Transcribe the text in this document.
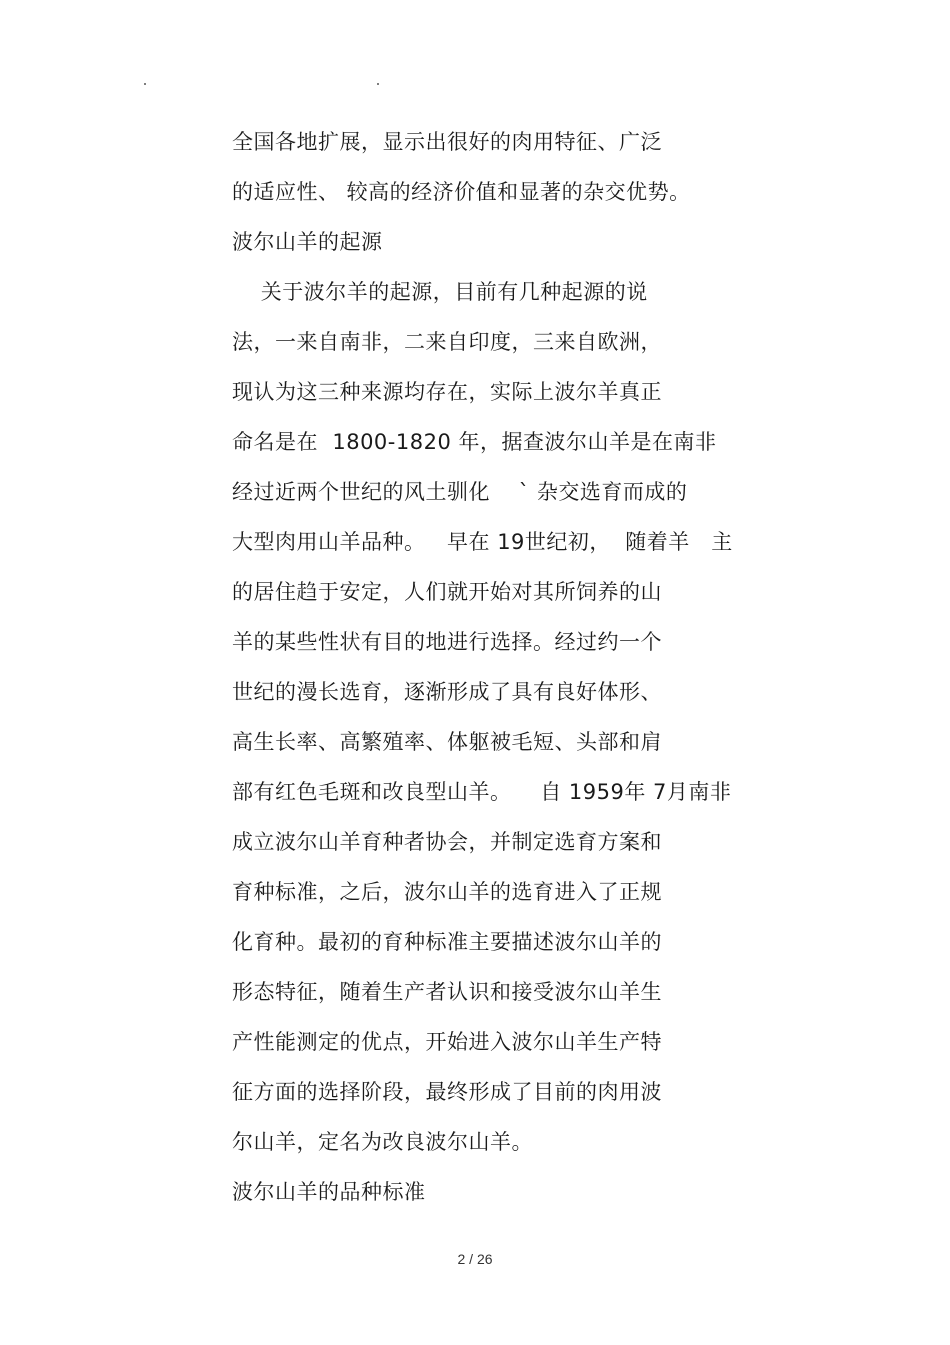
全国各地扩展，显示出很好的肉用特征、广泛
的适应性、 较高的经济价值和显著的杂交优势。
波尔山羊的起源
关于波尔羊的起源，目前有几种起源的说
法，一来自南非，二来自印度，三来自欧洲，
现认为这三种来源均存在，实际上波尔羊真正
命名是在  1800-1820 年，据查波尔山羊是在南非
经过近两个世纪的风土驯化    ` 杂交选育而成的
大型肉用山羊品种。   早在 19世纪初，  随着羊   主
的居住趋于安定，人们就开始对其所饲养的山
羊的某些性状有目的地进行选择。经过约一个
世纪的漫长选育，逐渐形成了具有良好体形、
高生长率、高繁殖率、体躯被毛短、头部和肩
部有红色毛斑和改良型山羊。    自 1959年 7月南非
成立波尔山羊育种者协会，并制定选育方案和
育种标准，之后，波尔山羊的选育进入了正规
化育种。最初的育种标准主要描述波尔山羊的
形态特征，随着生产者认识和接受波尔山羊生
产性能测定的优点，开始进入波尔山羊生产特
征方面的选择阶段，最终形成了目前的肉用波
尔山羊，定名为改良波尔山羊。
波尔山羊的品种标准
2 / 26
